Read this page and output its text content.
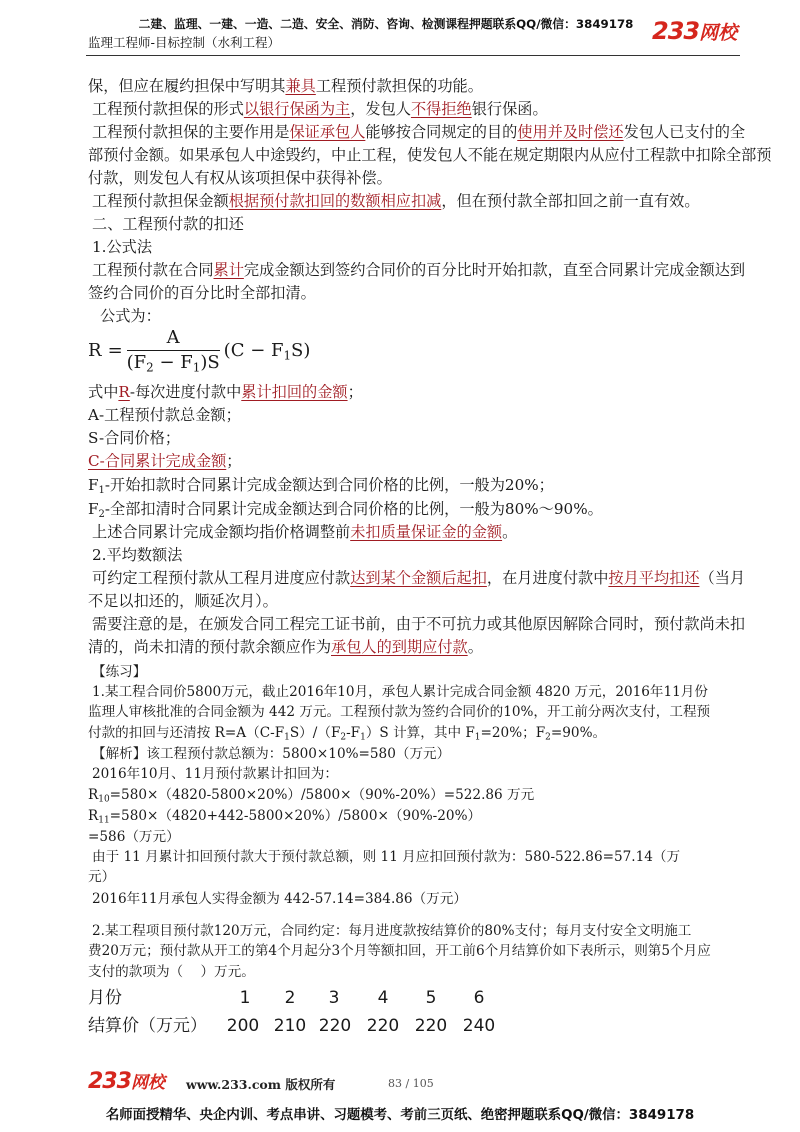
二建、监理、一建、一造、二造、安全、消防、咨询、检测课程押题联系QQ/微信：3849178
监理工程师-目标控制（水利工程）	233网校
保，但应在履约担保中写明其兼具工程预付款担保的功能。
工程预付款担保的形式以银行保函为主，发包人不得拒绝银行保函。
工程预付款担保的主要作用是保证承包人能够按合同规定的目的使用并及时偿还发包人已支付的全
部预付金额。如果承包人中途毁约，中止工程，使发包人不能在规定期限内从应付工程款中扣除全部预
付款，则发包人有权从该项担保中获得补偿。
工程预付款担保金额根据预付款扣回的数额相应扣减，但在预付款全部扣回之前一直有效。
二、工程预付款的扣还
1.公式法
工程预付款在合同累计完成金额达到签约合同价的百分比时开始扣款，直至合同累计完成金额达到
签约合同价的百分比时全部扣清。
公式为：
$R = \frac{A}{(F_2 - F_1)S} (C - F_1S)$
式中R-每次进度付款中累计扣回的金额；
A-工程预付款总金额；
S-合同价格；
C-合同累计完成金额；
$F_1-$开始扣款时合同累计完成金额达到合同价格的比例，一般为20%；
$F_2-$全部扣清时合同累计完成金额达到合同价格的比例，一般为80%～90%。
上述合同累计完成金额均指价格调整前未扣质量保证金的金额。
2.平均数额法
可约定工程预付款从工程月进度应付款达到某个金额后起扣，在月进度付款中按月平均扣还（当月
不足以扣还的，顺延次月）。
需要注意的是，在颁发合同工程完工证书前，由于不可抗力或其他原因解除合同时，预付款尚未扣
清的，尚未扣清的预付款余额应作为承包人的到期应付款。
【练习】
1.某工程合同价5800万元，截止2016年10月，承包人累计完成合同金额 4820 万元，2016年11月份
监理人审核批准的合同金额为 442 万元。工程预付款为签约合同价的10%，开工前分两次支付，工程预
付款的扣回与还清按 $R=A(C-F_1S)/(F_2-F_1)S$ 计算，其中 $F_1=20\%$；$F_2=90\%$。
【解析】该工程预付款总额为：5800×10%=580（万元）
2016年10月、11月预付款累计扣回为：
$R_{10}=580\times(4820-5800\times 20\%)/5800\times(90\%-20\%)=522.86$ 万元
$R_{11}=580\times(4820+442-5800\times 20\%)/5800\times(90\%-20\%)$
=586（万元）
由于 11 月累计扣回预付款大于预付款总额，则 11 月应扣回预付款为：580-522.86=57.14（万
元）
2016年11月承包人实得金额为 442-57.14=384.86（万元）
2.某工程项目预付款120万元，合同约定：每月进度款按结算价的80%支付；每月支付安全文明施工
费20万元；预付款从开工的第4个月起分3个月等额扣回，开工前6个月结算价如下表所示，则第5个月应
支付的款项为（    ）万元。
月份	1	2	3	4	5	6
结算价（万元）	200 210 220 220 220 240
233网校 www.233.com 版权所有	83 / 105
名师面授精华、央企内训、考点串讲、习题模考、考前三页纸、绝密押题联系QQ/微信：3849178
